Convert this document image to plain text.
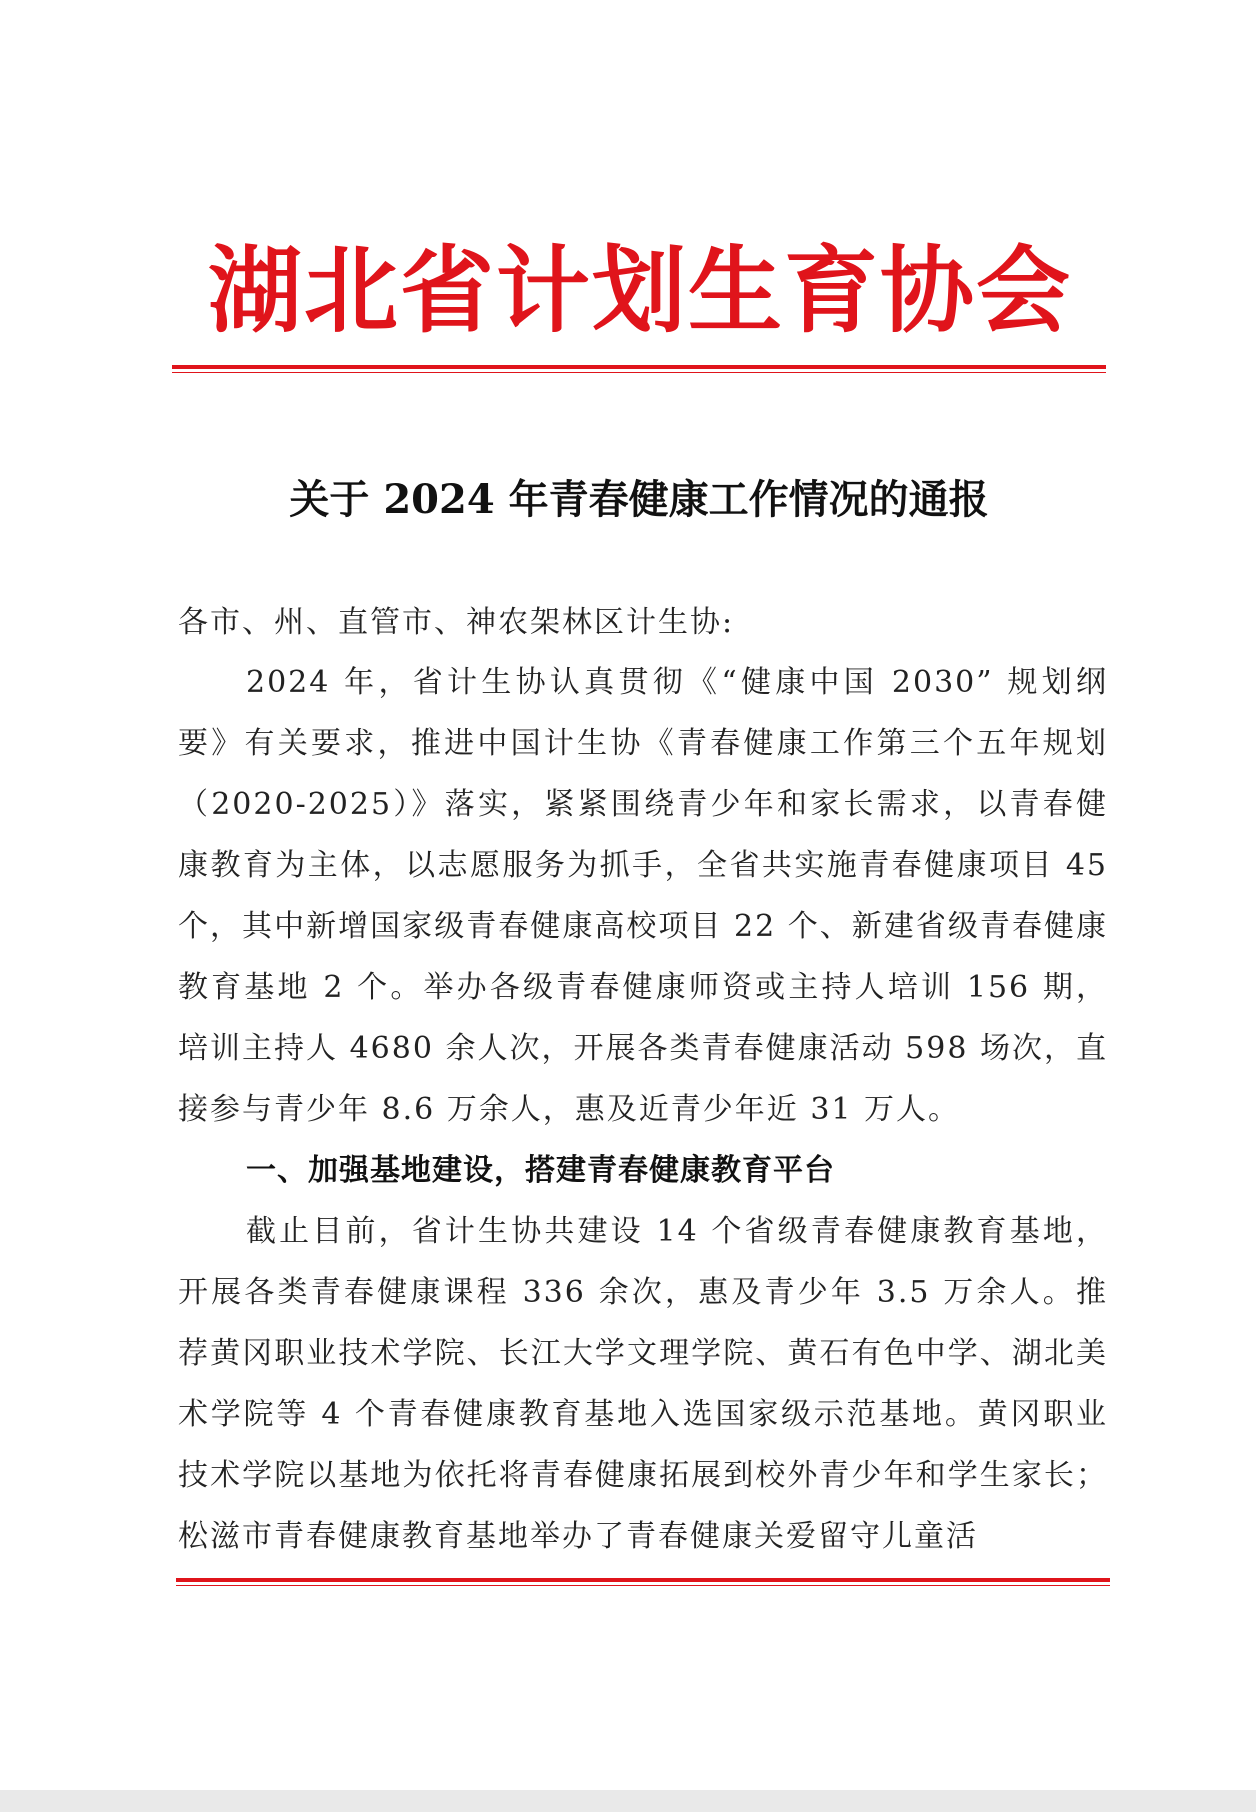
湖北省计划生育协会
关于 2024 年青春健康工作情况的通报
各市、州、直管市、神农架林区计生协:
2024 年，省计生协认真贯彻《“健康中国 2030” 规划纲要》有关要求，推进中国计生协《青春健康工作第三个五年规划（2020-2025）》落实，紧紧围绕青少年和家长需求，以青春健康教育为主体，以志愿服务为抓手，全省共实施青春健康项目 45 个，其中新增国家级青春健康高校项目 22 个、新建省级青春健康教育基地 2 个。举办各级青春健康师资或主持人培训 156 期，培训主持人 4680 余人次，开展各类青春健康活动 598 场次，直接参与青少年 8.6 万余人，惠及近青少年近 31 万人。
一、加强基地建设，搭建青春健康教育平台
截止目前，省计生协共建设 14 个省级青春健康教育基地，开展各类青春健康课程 336 余次，惠及青少年 3.5 万余人。推荐黄冈职业技术学院、长江大学文理学院、黄石有色中学、湖北美术学院等 4 个青春健康教育基地入选国家级示范基地。黄冈职业技术学院以基地为依托将青春健康拓展到校外青少年和学生家长；松滋市青春健康教育基地举办了青春健康关爱留守儿童活
